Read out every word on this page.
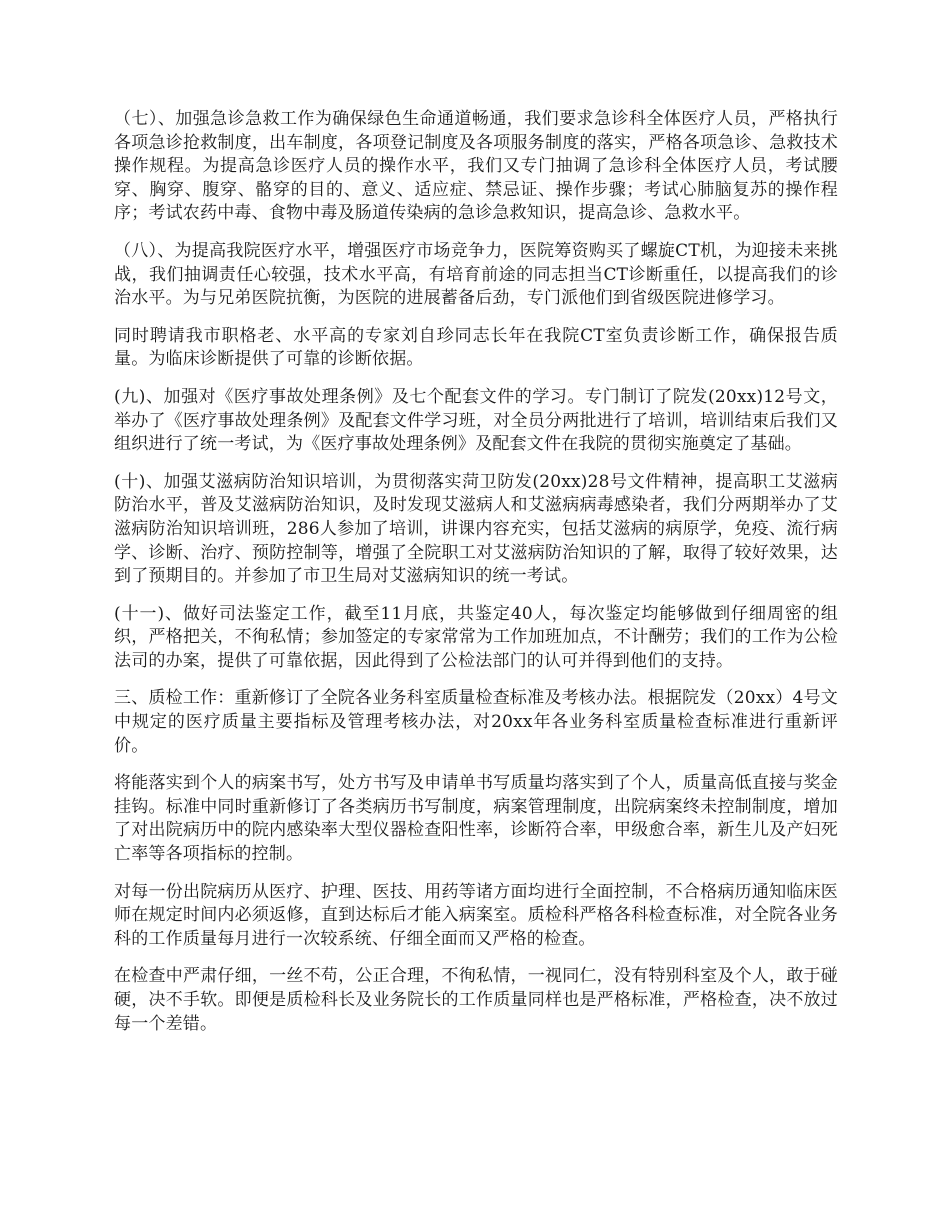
（七）、加强急诊急救工作为确保绿色生命通道畅通，我们要求急诊科全体医疗人员，严格执行各项急诊抢救制度，出车制度，各项登记制度及各项服务制度的落实，严格各项急诊、急救技术操作规程。为提高急诊医疗人员的操作水平，我们又专门抽调了急诊科全体医疗人员，考试腰穿、胸穿、腹穿、骼穿的目的、意义、适应症、禁忌证、操作步骤；考试心肺脑复苏的操作程序；考试农药中毒、食物中毒及肠道传染病的急诊急救知识，提高急诊、急救水平。

（八）、为提高我院医疗水平，增强医疗市场竞争力，医院筹资购买了螺旋CT机，为迎接未来挑战，我们抽调责任心较强，技术水平高，有培育前途的同志担当CT诊断重任，以提高我们的诊治水平。为与兄弟医院抗衡，为医院的进展蓄备后劲，专门派他们到省级医院进修学习。

同时聘请我市职格老、水平高的专家刘自珍同志长年在我院CT室负责诊断工作，确保报告质量。为临床诊断提供了可靠的诊断依据。

(九)、加强对《医疗事故处理条例》及七个配套文件的学习。专门制订了院发(20xx)12号文，举办了《医疗事故处理条例》及配套文件学习班，对全员分两批进行了培训，培训结束后我们又组织进行了统一考试，为《医疗事故处理条例》及配套文件在我院的贯彻实施奠定了基础。

(十)、加强艾滋病防治知识培训，为贯彻落实菏卫防发(20xx)28号文件精神，提高职工艾滋病防治水平，普及艾滋病防治知识，及时发现艾滋病人和艾滋病病毒感染者，我们分两期举办了艾滋病防治知识培训班，286人参加了培训，讲课内容充实，包括艾滋病的病原学，免疫、流行病学、诊断、治疗、预防控制等，增强了全院职工对艾滋病防治知识的了解，取得了较好效果，达到了预期目的。并参加了市卫生局对艾滋病知识的统一考试。

(十一)、做好司法鉴定工作，截至11月底，共鉴定40人，每次鉴定均能够做到仔细周密的组织，严格把关，不徇私情；参加签定的专家常常为工作加班加点，不计酬劳；我们的工作为公检法司的办案，提供了可靠依据，因此得到了公检法部门的认可并得到他们的支持。

三、质检工作：重新修订了全院各业务科室质量检查标准及考核办法。根据院发（20xx）4号文中规定的医疗质量主要指标及管理考核办法，对20xx年各业务科室质量检查标准进行重新评价。

将能落实到个人的病案书写，处方书写及申请单书写质量均落实到了个人，质量高低直接与奖金挂钩。标准中同时重新修订了各类病历书写制度，病案管理制度，出院病案终未控制制度，增加了对出院病历中的院内感染率大型仪器检查阳性率，诊断符合率，甲级愈合率，新生儿及产妇死亡率等各项指标的控制。

对每一份出院病历从医疗、护理、医技、用药等诸方面均进行全面控制，不合格病历通知临床医师在规定时间内必须返修，直到达标后才能入病案室。质检科严格各科检查标准，对全院各业务科的工作质量每月进行一次较系统、仔细全面而又严格的检查。

在检查中严肃仔细，一丝不苟，公正合理，不徇私情，一视同仁，没有特别科室及个人，敢于碰硬，决不手软。即便是质检科长及业务院长的工作质量同样也是严格标准，严格检查，决不放过每一个差错。
